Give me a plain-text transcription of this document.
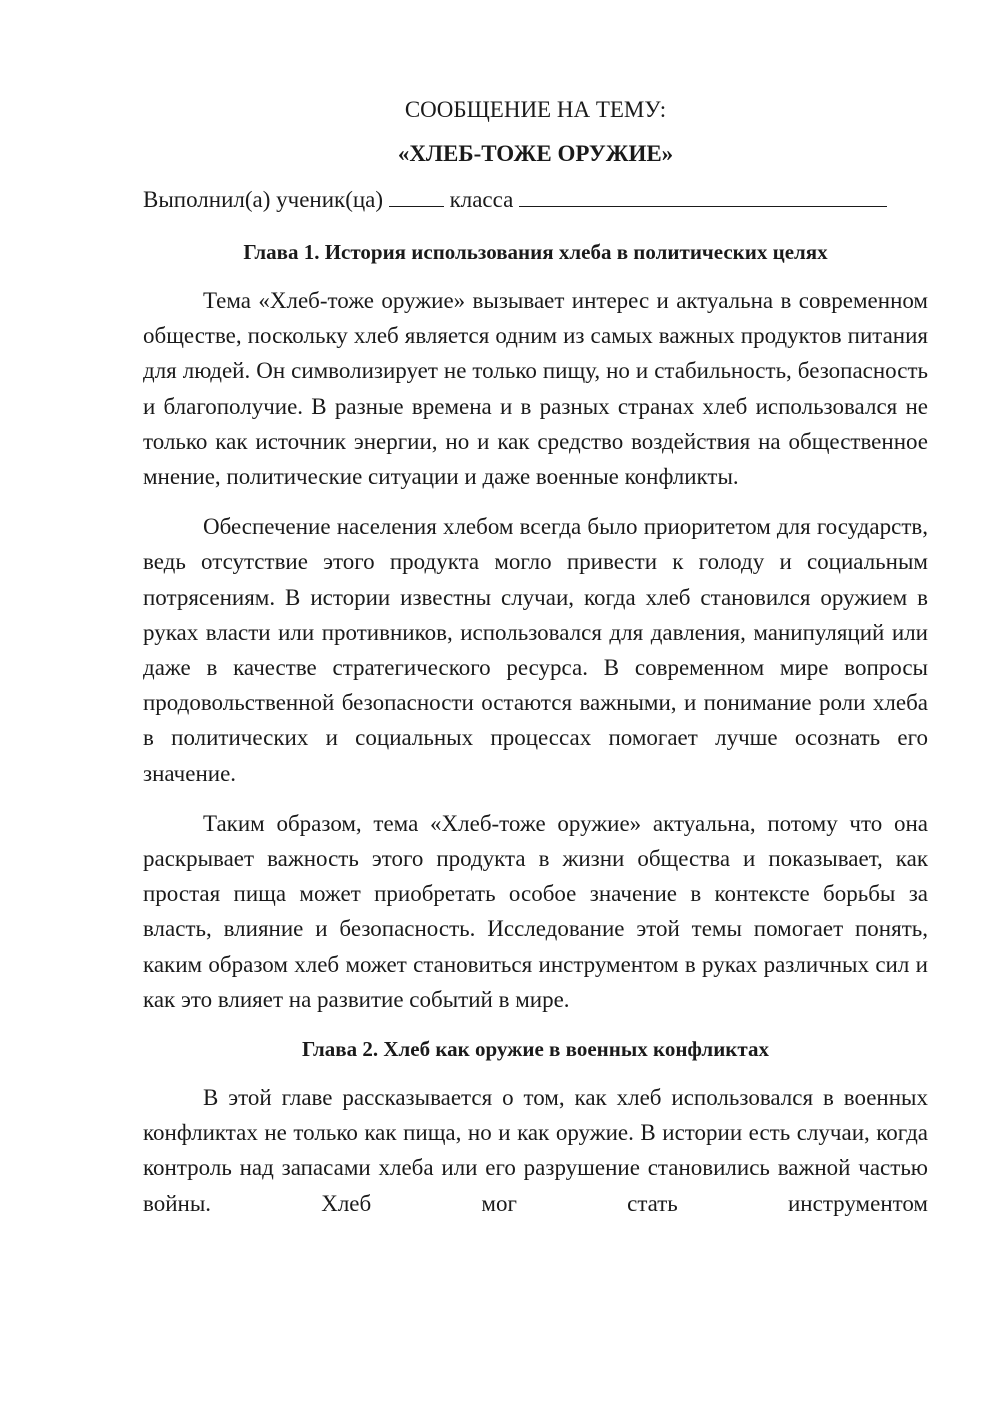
СООБЩЕНИЕ НА ТЕМУ:

«ХЛЕБ-ТОЖЕ ОРУЖИЕ»

Выполнил(а) ученик(ца)	класса

Глава 1. История использования хлеба в политических целях

Тема «Хлеб-тоже оружие» вызывает интерес и актуальна в современном обществе, поскольку хлеб является одним из самых важных продуктов питания для людей. Он символизирует не только пищу, но и стабильность, безопасность и благополучие. В разные времена и в разных странах хлеб использовался не только как источник энергии, но и как средство воздействия на общественное мнение, политические ситуации и даже военные конфликты.

Обеспечение населения хлебом всегда было приоритетом для государств, ведь отсутствие этого продукта могло привести к голоду и социальным потрясениям. В истории известны случаи, когда хлеб становился оружием в руках власти или противников, использовался для давления, манипуляций или даже в качестве стратегического ресурса. В современном мире вопросы продовольственной безопасности остаются важными, и понимание роли хлеба в политических и социальных процессах помогает лучше осознать его значение.

Таким образом, тема «Хлеб-тоже оружие» актуальна, потому что она раскрывает важность этого продукта в жизни общества и показывает, как простая пища может приобретать особое значение в контексте борьбы за власть, влияние и безопасность. Исследование этой темы помогает понять, каким образом хлеб может становиться инструментом в руках различных сил и как это влияет на развитие событий в мире.

Глава 2. Хлеб как оружие в военных конфликтах

В этой главе рассказывается о том, как хлеб использовался в военных конфликтах не только как пища, но и как оружие. В истории есть случаи, когда контроль над запасами хлеба или его разрушение становились важной частью войны. Хлеб мог стать инструментом
